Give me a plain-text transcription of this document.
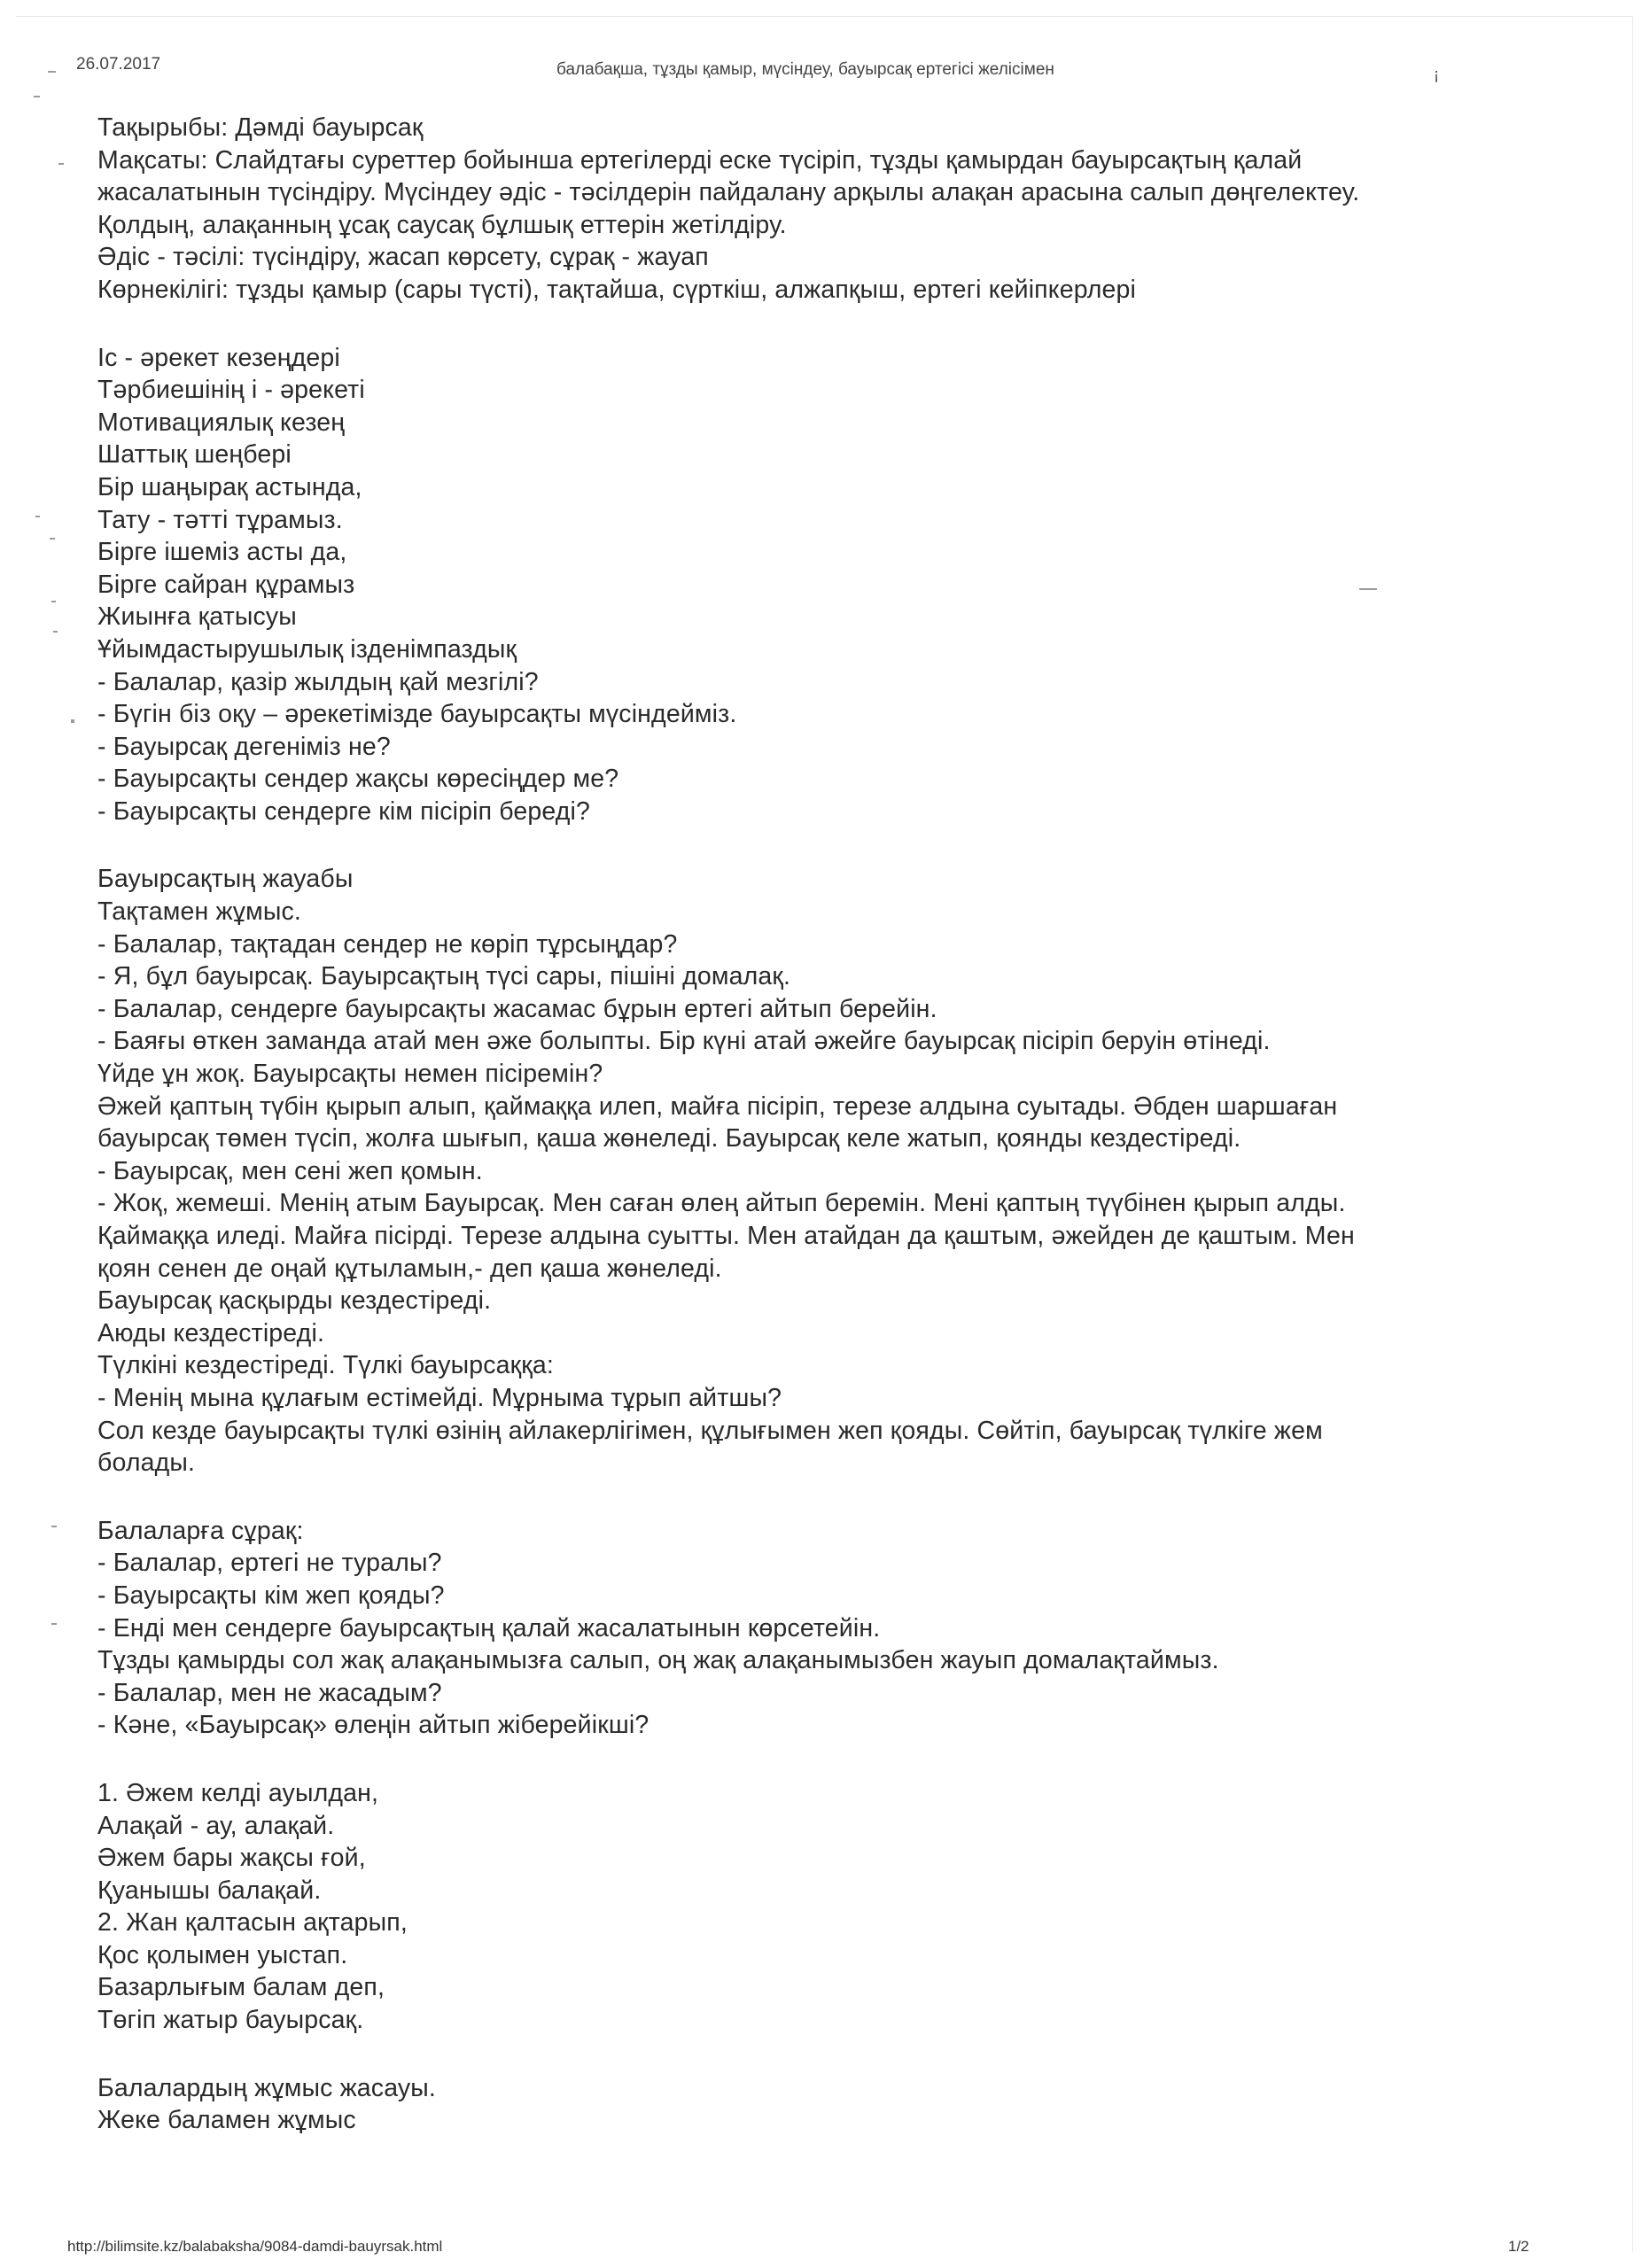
26.07.2017	балабақша, тұзды қамыр, мүсіндеу, бауырсақ ертегісі желісімен	¡
Тақырыбы: Дәмді бауырсақ
Мақсаты: Слайдтағы суреттер бойынша ертегілерді еске түсіріп, тұзды қамырдан бауырсақтың қалай
жасалатынын түсіндіру. Мүсіндеу әдіс - тәсілдерін пайдалану арқылы алақан арасына салып дөңгелектеу.
Қолдың, алақанның ұсақ саусақ бұлшық еттерін жетілдіру.
Әдіс - тәсілі: түсіндіру, жасап көрсету, сұрақ - жауап
Көрнекілігі: тұзды қамыр (сары түсті), тақтайша, сүрткіш, алжапқыш, ертегі кейіпкерлері
Іс - әрекет кезеңдері
Тәрбиешінің і - әрекеті
Мотивациялық кезең
Шаттық шеңбері
Бір шаңырақ астында,
Тату - тәтті тұрамыз.
Бірге ішеміз асты да,
Бірге сайран құрамыз
Жиынға қатысуы
Ұйымдастырушылық ізденімпаздық
- Балалар, қазір жылдың қай мезгілі?
- Бүгін біз оқу – әрекетімізде бауырсақты мүсіндейміз.
- Бауырсақ дегеніміз не?
- Бауырсақты сендер жақсы көресіңдер ме?
- Бауырсақты сендерге кім пісіріп береді?
Бауырсақтың жауабы
Тақтамен жұмыс.
- Балалар, тақтадан сендер не көріп тұрсыңдар?
- Я, бұл бауырсақ. Бауырсақтың түсі сары, пішіні домалақ.
- Балалар, сендерге бауырсақты жасамас бұрын ертегі айтып берейін.
- Баяғы өткен заманда атай мен әже болыпты. Бір күні атай әжейге бауырсақ пісіріп беруін өтінеді.
Үйде ұн жоқ. Бауырсақты немен пісіремін?
Әжей қаптың түбін қырып алып, қаймаққа илеп, майға пісіріп, терезе алдына суытады. Әбден шаршаған
бауырсақ төмен түсіп, жолға шығып, қаша жөнеледі. Бауырсақ келе жатып, қоянды кездестіреді.
- Бауырсақ, мен сені жеп қомын.
- Жоқ, жемеші. Менің атым Бауырсақ. Мен саған өлең айтып беремін. Мені қаптың түүбінен қырып алды.
Қаймаққа иледі. Майға пісірді. Терезе алдына суытты. Мен атайдан да қаштым, әжейден де қаштым. Мен
қоян сенен де оңай құтыламын,- деп қаша жөнеледі.
Бауырсақ қасқырды кездестіреді.
Аюды кездестіреді.
Түлкіні кездестіреді. Түлкі бауырсаққа:
- Менің мына құлағым естімейді. Мұрныма тұрып айтшы?
Сол кезде бауырсақты түлкі өзінің айлакерлігімен, құлығымен жеп қояды. Сөйтіп, бауырсақ түлкіге жем
болады.
Балаларға сұрақ:
- Балалар, ертегі не туралы?
- Бауырсақты кім жеп қояды?
- Енді мен сендерге бауырсақтың қалай жасалатынын көрсетейін.
Тұзды қамырды сол жақ алақанымызға салып, оң жақ алақанымызбен жауып домалақтаймыз.
- Балалар, мен не жасадым?
- Кәне, «Бауырсақ» өлеңін айтып жіберейікші?
1. Әжем келді ауылдан,
Алақай - ау, алақай.
Әжем бары жақсы ғой,
Қуанышы балақай.
2. Жан қалтасын ақтарып,
Қос қолымен уыстап.
Базарлығым балам деп,
Төгіп жатыр бауырсақ.
Балалардың жұмыс жасауы.
Жеке баламен жұмыс
http://bilimsite.kz/balabaksha/9084-damdi-bauyrsak.html	1/2
